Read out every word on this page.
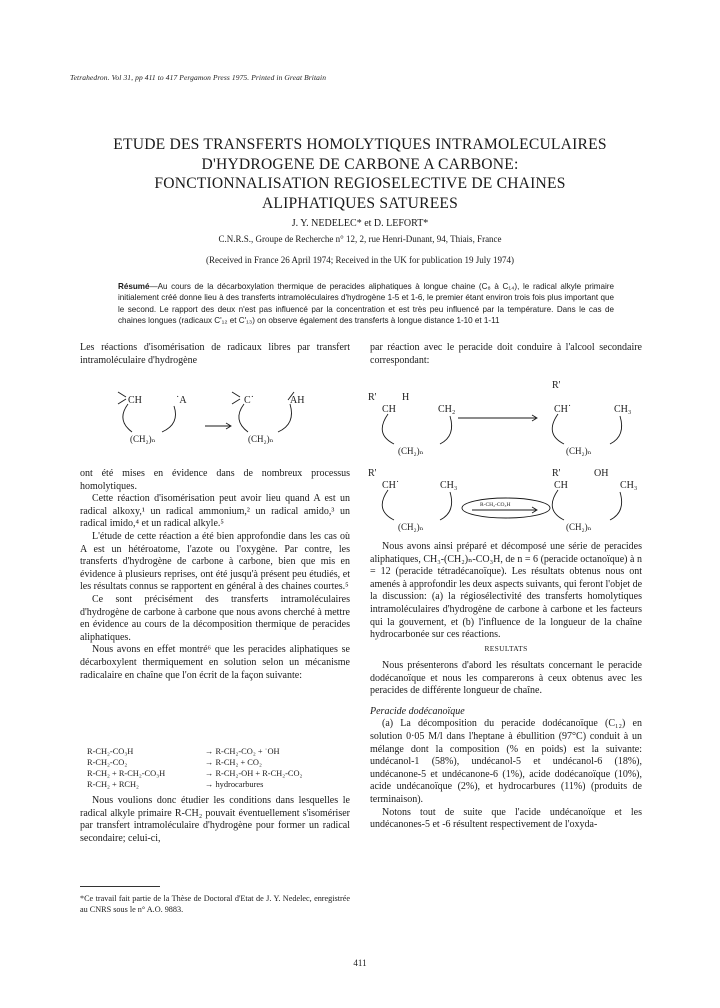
Tetrahedron. Vol 31, pp 411 to 417 Pergamon Press 1975. Printed in Great Britain
ETUDE DES TRANSFERTS HOMOLYTIQUES INTRAMOLECULAIRES
D'HYDROGENE DE CARBONE A CARBONE:
FONCTIONNALISATION REGIOSELECTIVE DE CHAINES
ALIPHATIQUES SATUREES
J. Y. NEDELEC* et D. LEFORT*
C.N.R.S., Groupe de Recherche n° 12, 2, rue Henri-Dunant, 94, Thiais, France
(Received in France 26 April 1974; Received in the UK for publication 19 July 1974)
Résumé—Au cours de la décarboxylation thermique de peracides aliphatiques à longue chaine (C₈ à C₁₄), le radical alkyle primaire initialement créé donne lieu à des transferts intramoléculaires d'hydrogène 1-5 et 1-6, le premier étant environ trois fois plus important que le second. Le rapport des deux n'est pas influencé par la concentration et est très peu influencé par la température. Dans le cas de chaines longues (radicaux C'₁₂ et C'₁₃) on observe également des transferts à longue distance 1-10 et 1-11

Les réactions d'isomérisation de radicaux libres par transfert intramoléculaire d'hydrogène

CH	˙A	C˙	AH
(CH₂)ₙ	(CH₂)ₙ

ont été mises en évidence dans de nombreux processus homolytiques.

Cette réaction d'isomérisation peut avoir lieu quand A est un radical alkoxy,¹ un radical ammonium,² un radical amido,³ un radical imido,⁴ et un radical alkyle.⁵

L'étude de cette réaction a été bien approfondie dans les cas où A est un hétéroatome, l'azote ou l'oxygène. Par contre, les transferts d'hydrogène de carbone à carbone, bien que mis en évidence à plusieurs reprises, ont été jusqu'à présent peu étudiés, et les résultats connus se rapportent en général à des chaines courtes.⁵

Ce sont précisément des transferts intramoléculaires d'hydrogène de carbone à carbone que nous avons cherché à mettre en évidence au cours de la décomposition thermique de peracides aliphatiques.

Nous avons en effet montré⁶ que les peracides aliphatiques se décarboxylent thermiquement en solution selon un mécanisme radicalaire en chaîne que l'on écrit de la façon suivante:

R-CH₂-CO₃H	→ R-CH₂-CO₂ + ˙OH
R-CH₂-CO₂	→ R-CH₂ + CO₂
R-CH₂ + R-CH₂-CO₃H	→ R-CH₂-OH + R-CH₂-CO₂
R-CH₂ + RCH₂	→ hydrocarbures

Nous voulions donc étudier les conditions dans lesquelles le radical alkyle primaire R-CH₂ pouvait éventuellement s'isomériser par transfert intramoléculaire d'hydrogène pour former un radical secondaire; celui-ci,

*Ce travail fait partie de la Thèse de Doctoral d'Etat de J. Y. Nedelec, enregistrée au CNRS sous le n° A.O. 9883.

par réaction avec le peracide doit conduire à l'alcool secondaire correspondant:

R'	H
CH	CH₂
(CH₂)ₙ
R'
CH˙	CH₃
(CH₂)ₙ
R'
CH˙	CH₃
(CH₂)ₙ
R-CH₂-CO₃H
R'	OH
CH	CH₃
(CH₂)ₙ

Nous avons ainsi préparé et décomposé une série de peracides aliphatiques, CH₃-(CH₂)ₙ-CO₃H, de n = 6 (peracide octanoïque) à n = 12 (peracide tétradécanoïque). Les résultats obtenus nous ont amenés à approfondir les deux aspects suivants, qui feront l'objet de la discussion: (a) la régiosélectivité des transferts homolytiques intramoléculaires d'hydrogène de carbone à carbone et les facteurs qui la gouvernent, et (b) l'influence de la longueur de la chaîne hydrocarbonée sur ces réactions.

RESULTATS

Nous présenterons d'abord les résultats concernant le peracide dodécanoïque et nous les comparerons à ceux obtenus avec les peracides de différente longueur de chaîne.

Peracide dodécanoïque

(a) La décomposition du peracide dodécanoïque (C₁₂) en solution 0·05 M/l dans l'heptane à ébullition (97°C) conduit à un mélange dont la composition (% en poids) est la suivante: undécanol-1 (58%), undécanol-5 et undécanol-6 (18%), undécanone-5 et undécanone-6 (1%), acide dodécanoïque (10%), acide undécanoïque (2%), et hydrocarbures (11%) (produits de terminaison).

Notons tout de suite que l'acide undécanoïque et les undécanones-5 et -6 résultent respectivement de l'oxyda-

411
